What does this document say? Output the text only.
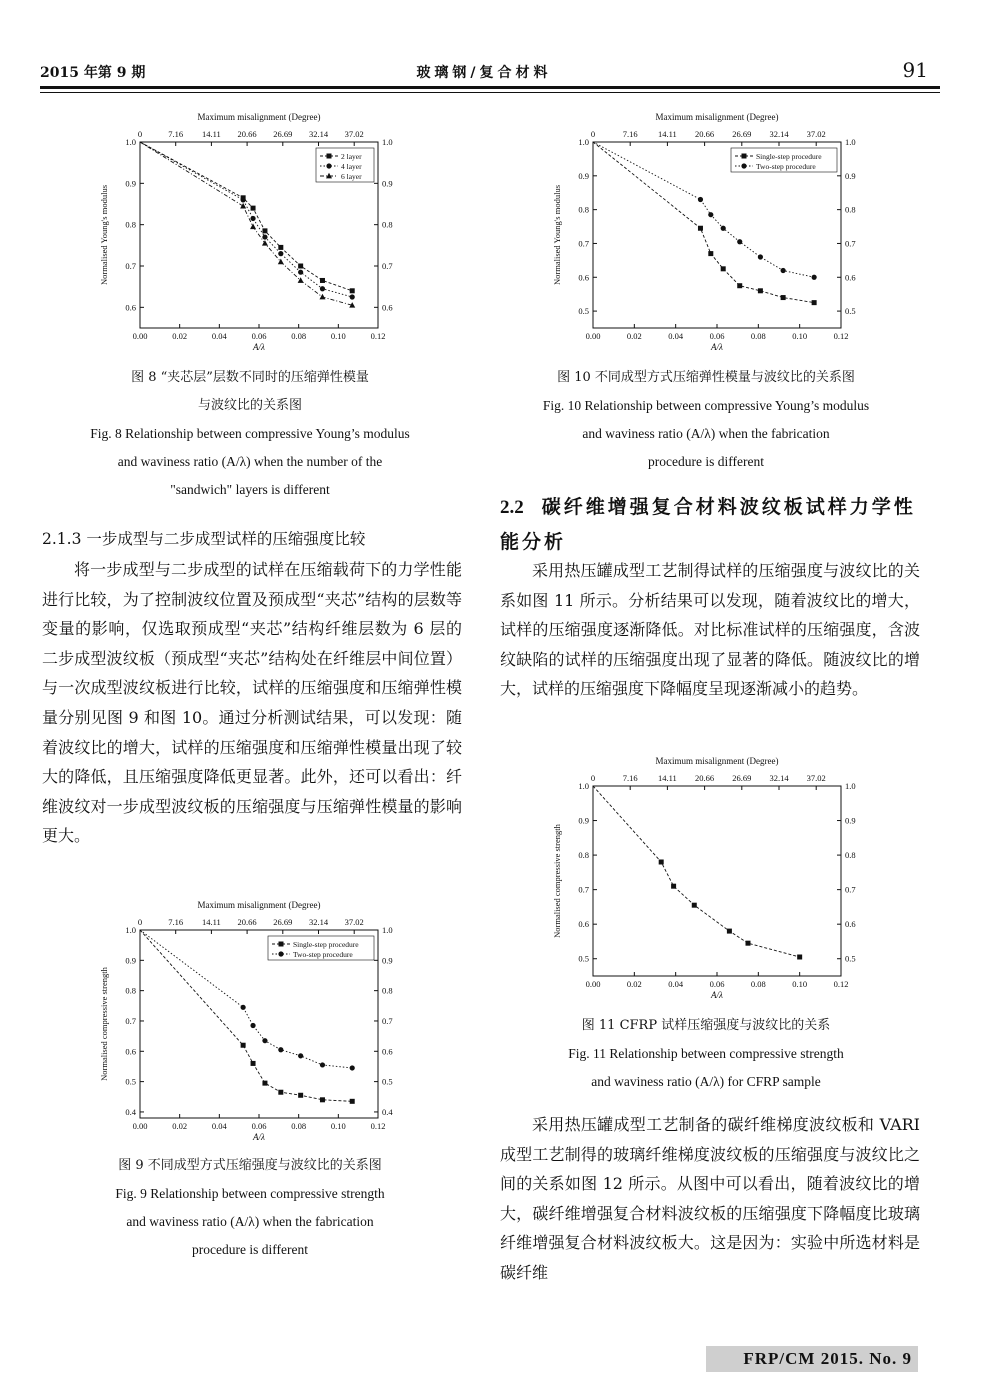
2015 年第 9 期	玻璃钢/复合材料	91
Maximum misalignment (Degree)
0.00	0.02	0.04	0.06	0.08	0.10	0.12
0	7.16 14.11 20.66 26.69 32.14 37.02
0.6	0.6
0.7	0.7
0.8	0.8
0.9	0.9
1.0	1.0
A/λ
Normalised Young's modulus
2 layer
4 layer
6 layer
图 8 “夹芯层”层数不同时的压缩弹性模量
与波纹比的关系图
Fig. 8 Relationship between compressive Young’s modulus
and waviness ratio (A/λ) when the number of the
"sandwich" layers is different
2.1.3 一步成型与二步成型试样的压缩强度比较

将一步成型与二步成型的试样在压缩载荷下的力学性能进行比较，为了控制波纹位置及预成型“夹芯”结构的层数等变量的影响，仅选取预成型“夹芯”结构纤维层数为 6 层的二步成型波纹板（预成型“夹芯”结构处在纤维层中间位置）与一次成型波纹板进行比较，试样的压缩强度和压缩弹性模量分别见图 9 和图 10。通过分析测试结果，可以发现：随着波纹比的增大，试样的压缩强度和压缩弹性模量出现了较大的降低，且压缩强度降低更显著。此外，还可以看出：纤维波纹对一步成型波纹板的压缩强度与压缩弹性模量的影响更大。

Maximum misalignment (Degree)
0.00	0.02	0.04	0.06	0.08	0.10	0.12
0	7.16 14.11 20.66 26.69 32.14 37.02
0.4	0.4
0.5	0.5
0.6	0.6
0.7	0.7
0.8	0.8
0.9	0.9
1.0	1.0
A/λ
Normalised compressive strength
Single-step procedure
Two-step procedure
图 9 不同成型方式压缩强度与波纹比的关系图
Fig. 9 Relationship between compressive strength
and waviness ratio (A/λ) when the fabrication
procedure is different
Maximum misalignment (Degree)
0.00	0.02	0.04	0.06	0.08	0.10	0.12
0	7.16 14.11 20.66 26.69 32.14 37.02
0.5	0.5
0.6	0.6
0.7	0.7
0.8	0.8
0.9	0.9
1.0	1.0
A/λ
Normalised Young's modulus
Single-step procedure
Two-step procedure
图 10 不同成型方式压缩弹性模量与波纹比的关系图
Fig. 10 Relationship between compressive Young’s modulus
and waviness ratio (A/λ) when the fabrication
procedure is different
2.2 碳纤维增强复合材料波纹板试样力学性能分析

采用热压罐成型工艺制得试样的压缩强度与波纹比的关系如图 11 所示。分析结果可以发现，随着波纹比的增大，试样的压缩强度逐渐降低。对比标准试样的压缩强度，含波纹缺陷的试样的压缩强度出现了显著的降低。随波纹比的增大，试样的压缩强度下降幅度呈现逐渐减小的趋势。

Maximum misalignment (Degree)
0.00	0.02	0.04	0.06	0.08	0.10	0.12
0	7.16 14.11 20.66 26.69 32.14 37.02
0.5	0.5
0.6	0.6
0.7	0.7
0.8	0.8
0.9	0.9
1.0	1.0
A/λ
Normalised compressive strength
图 11 CFRP 试样压缩强度与波纹比的关系
Fig. 11 Relationship between compressive strength
and waviness ratio (A/λ) for CFRP sample

采用热压罐成型工艺制备的碳纤维梯度波纹板和 VARI 成型工艺制得的玻璃纤维梯度波纹板的压缩强度与波纹比之间的关系如图 12 所示。从图中可以看出，随着波纹比的增大，碳纤维增强复合材料波纹板的压缩强度下降幅度比玻璃纤维增强复合材料波纹板大。这是因为：实验中所选材料是碳纤维

FRP/CM 2015. No. 9
